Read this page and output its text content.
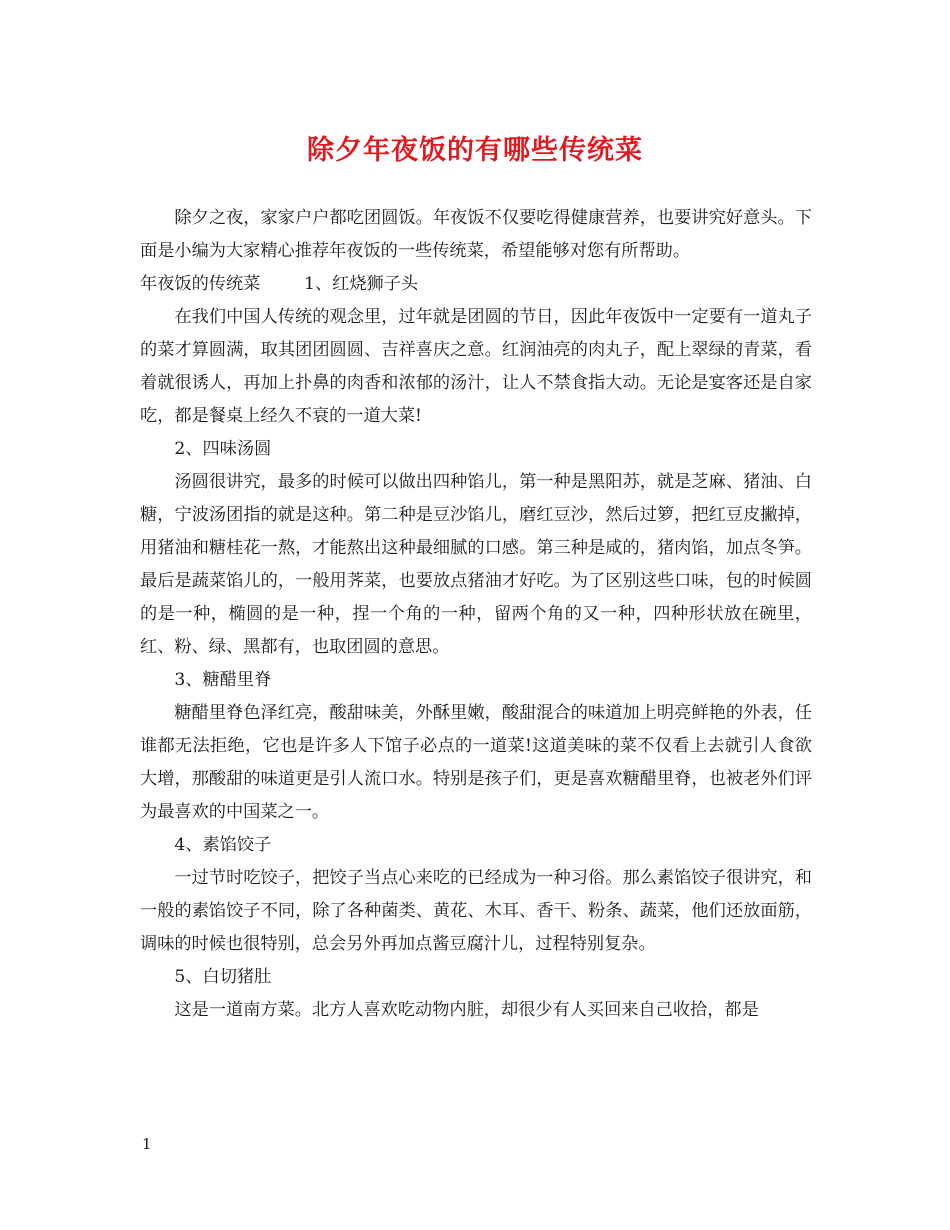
除夕年夜饭的有哪些传统菜

除夕之夜，家家户户都吃团圆饭。年夜饭不仅要吃得健康营养，也要讲究好意头。下面是小编为大家精心推荐年夜饭的一些传统菜，希望能够对您有所帮助。

年夜饭的传统菜	1、红烧狮子头

在我们中国人传统的观念里，过年就是团圆的节日，因此年夜饭中一定要有一道丸子的菜才算圆满，取其团团圆圆、吉祥喜庆之意。红润油亮的肉丸子，配上翠绿的青菜，看着就很诱人，再加上扑鼻的肉香和浓郁的汤汁，让人不禁食指大动。无论是宴客还是自家吃，都是餐桌上经久不衰的一道大菜!

2、四味汤圆

汤圆很讲究，最多的时候可以做出四种馅儿，第一种是黑阳苏，就是芝麻、猪油、白糖，宁波汤团指的就是这种。第二种是豆沙馅儿，磨红豆沙，然后过箩，把红豆皮撇掉，用猪油和糖桂花一熬，才能熬出这种最细腻的口感。第三种是咸的，猪肉馅，加点冬笋。最后是蔬菜馅儿的，一般用荠菜，也要放点猪油才好吃。为了区别这些口味，包的时候圆的是一种，椭圆的是一种，捏一个角的一种，留两个角的又一种，四种形状放在碗里，红、粉、绿、黑都有，也取团圆的意思。

3、糖醋里脊

糖醋里脊色泽红亮，酸甜味美，外酥里嫩，酸甜混合的味道加上明亮鲜艳的外表，任谁都无法拒绝，它也是许多人下馆子必点的一道菜!这道美味的菜不仅看上去就引人食欲大增，那酸甜的味道更是引人流口水。特别是孩子们，更是喜欢糖醋里脊，也被老外们评为最喜欢的中国菜之一。

4、素馅饺子

一过节时吃饺子，把饺子当点心来吃的已经成为一种习俗。那么素馅饺子很讲究，和一般的素馅饺子不同，除了各种菌类、黄花、木耳、香干、粉条、蔬菜，他们还放面筋，调味的时候也很特别，总会另外再加点酱豆腐汁儿，过程特别复杂。

5、白切猪肚

这是一道南方菜。北方人喜欢吃动物内脏，却很少有人买回来自己收拾，都是

1
